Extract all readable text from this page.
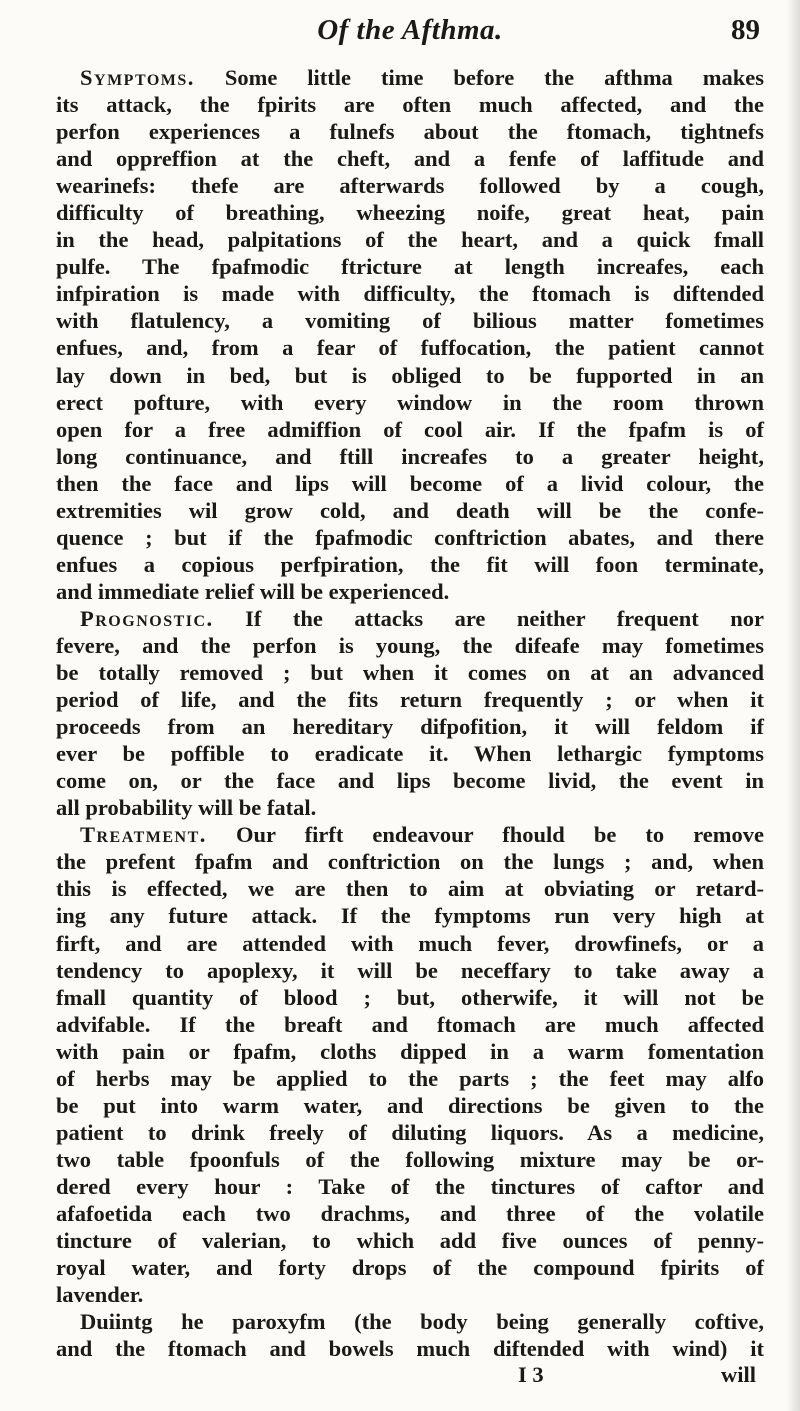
Of the Afthma.	89
Symptoms. Some little time before the afthma makes
its attack, the fpirits are often much affected, and the
perfon experiences a fulnefs about the ftomach, tightnefs
and oppreffion at the cheft, and a fenfe of laffitude and
wearinefs: thefe are afterwards followed by a cough,
difficulty of breathing, wheezing noife, great heat, pain
in the head, palpitations of the heart, and a quick fmall
pulfe. The fpafmodic ftricture at length increafes, each
infpiration is made with difficulty, the ftomach is diftended
with flatulency, a vomiting of bilious matter fometimes
enfues, and, from a fear of fuffocation, the patient cannot
lay down in bed, but is obliged to be fupported in an
erect pofture, with every window in the room thrown
open for a free admiffion of cool air. If the fpafm is of
long continuance, and ftill increafes to a greater height,
then the face and lips will become of a livid colour, the
extremities wil grow cold, and death will be the confe-
quence ; but if the fpafmodic conftriction abates, and there
enfues a copious perfpiration, the fit will foon terminate,
and immediate relief will be experienced.
Prognostic. If the attacks are neither frequent nor
fevere, and the perfon is young, the difeafe may fometimes
be totally removed ; but when it comes on at an advanced
period of life, and the fits return frequently ; or when it
proceeds from an hereditary difpofition, it will feldom if
ever be poffible to eradicate it. When lethargic fymptoms
come on, or the face and lips become livid, the event in
all probability will be fatal.
Treatment. Our firft endeavour fhould be to remove
the prefent fpafm and conftriction on the lungs ; and, when
this is effected, we are then to aim at obviating or retard-
ing any future attack. If the fymptoms run very high at
firft, and are attended with much fever, drowfinefs, or a
tendency to apoplexy, it will be neceffary to take away a
fmall quantity of blood ; but, otherwife, it will not be
advifable. If the breaft and ftomach are much affected
with pain or fpafm, cloths dipped in a warm fomentation
of herbs may be applied to the parts ; the feet may alfo
be put into warm water, and directions be given to the
patient to drink freely of diluting liquors. As a medicine,
two table fpoonfuls of the following mixture may be or-
dered every hour : Take of the tinctures of caftor and
afafoetida each two drachms, and three of the volatile
tincture of valerian, to which add five ounces of penny-
royal water, and forty drops of the compound fpirits of
lavender.
Duiintg he paroxyfm (the body being generally coftive,
and the ftomach and bowels much diftended with wind) it
I 3	will
